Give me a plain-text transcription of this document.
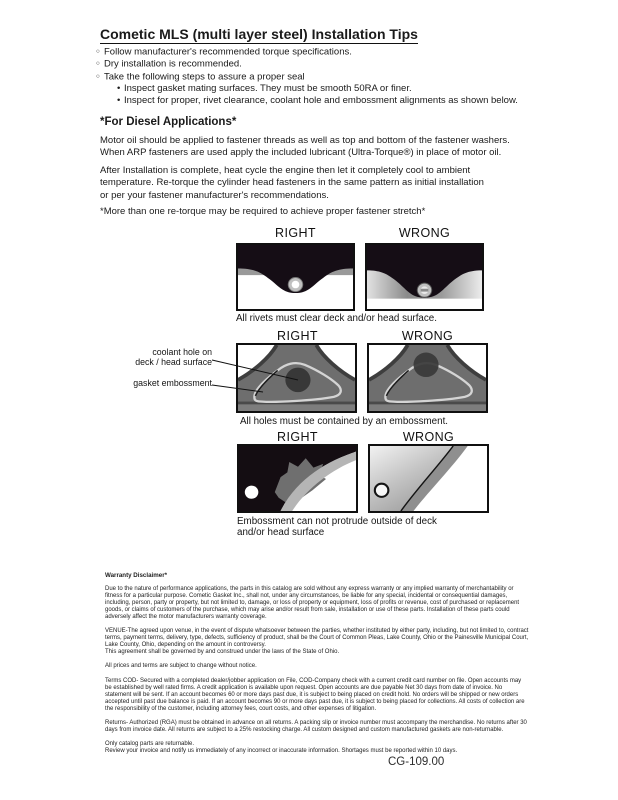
Cometic MLS (multi layer steel) Installation Tips
○ Follow manufacturer's recommended torque specifications.
○ Dry installation is recommended.
○ Take the following steps to assure a proper seal
• Inspect gasket mating surfaces. They must be smooth 50RA or finer.
• Inspect for proper, rivet clearance, coolant hole and embossment alignments as shown below.
*For Diesel Applications*
Motor oil should be applied to fastener threads as well as top and bottom of the fastener washers.
When ARP fasteners are used apply the included lubricant (Ultra-Torque®) in place of motor oil.
After Installation is complete, heat cycle the engine then let it completely cool to ambient
temperature. Re-torque the cylinder head fasteners in the same pattern as initial installation
or per your fastener manufacturer's recommendations.
*More than one re-torque may be required to achieve proper fastener stretch*
RIGHT	WRONG
All rivets must clear deck and/or head surface.
RIGHT	WRONG
coolant hole on
deck / head surface
gasket embossment
All holes must be contained by an embossment.
RIGHT	WRONG
Embossment can not protrude outside of deck
and/or head surface
Warranty Disclaimer*
Due to the nature of performance applications, the parts in this catalog are sold without any express warranty or any implied warranty of merchantability or fitness for a particular purpose. Cometic Gasket Inc., shall not, under any circumstances, be liable for any special, incidental or consequential damages, including, person, party or property, but not limited to, damage, or loss of property or equipment, loss of profits or revenue, cost of purchased or replacement goods, or claims of customers of the purchase, which may arise and/or result from sale, installation or use of these parts. Installation of these parts could adversely affect the motor manufacturers warranty coverage.
VENUE-The agreed upon venue, in the event of dispute whatsoever between the parties, whether instituted by either party, including, but not limited to, contract terms, payment terms, delivery, type, defects, sufficiency of product, shall be the Court of Common Pleas, Lake County, Ohio or the Painesville Municipal Court, Lake County, Ohio, depending on the amount in controversy.
This agreement shall be governed by and construed under the laws of the State of Ohio.
All prices and terms are subject to change without notice.
Terms COD- Secured with a completed dealer/jobber application on File, COD-Company check with a current credit card number on file. Open accounts may be established by well rated firms. A credit application is available upon request. Open accounts are due payable Net 30 days from date of invoice. No statement will be sent. If an account becomes 60 or more days past due, it is subject to being placed on credit hold. No orders will be shipped or new orders accepted until past due balance is paid. If an account becomes 90 or more days past due, it is subject to being placed for collections. All costs of collection are the responsibility of the customer, including attorney fees, court costs, and other expenses of litigation.
Returns- Authorized (RGA) must be obtained in advance on all returns. A packing slip or invoice number must accompany the merchandise. No returns after 30 days from invoice date. All returns are subject to a 25% restocking charge. All custom designed and custom manufactured gaskets are non-returnable.
Only catalog parts are returnable.
Review your invoice and notify us immediately of any incorrect or inaccurate information. Shortages must be reported within 10 days.
CG-109.00
